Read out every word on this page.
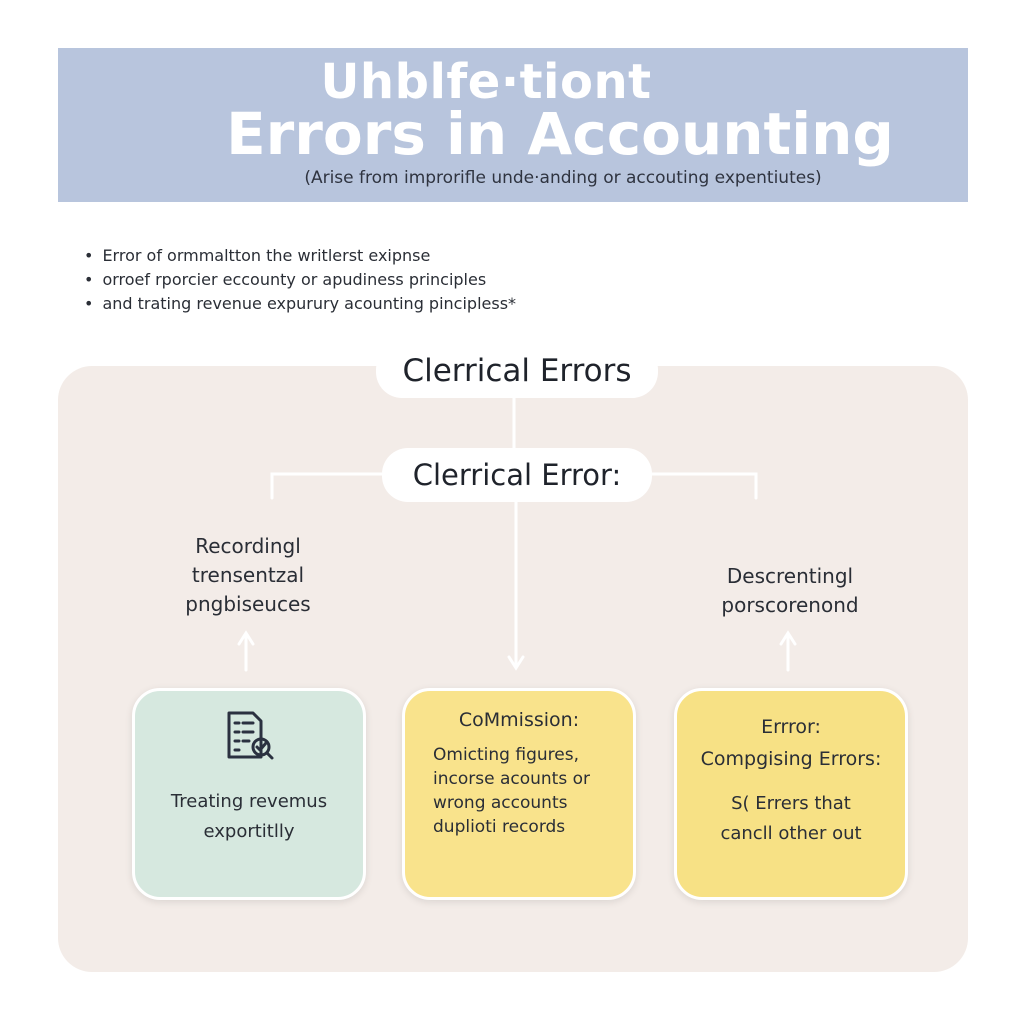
Uhblfe·tiont
Errors in Accounting
(Arise from improrifle unde·anding or accouting expentiutes)
• Error of ormmaltton the writlerst exipnse
• orroef rporcier eccounty or apudiness principles
• and trating revenue expurury acounting pincipless*
Clerrical Errors
Clerrical Error:
Recordingl
trensentzal
pngbiseuces
Descrentingl
porscorenond
Treating revemus
exportitlly
CoMmission:
Omicting figures,
incorse acounts or
wrong accounts
duplioti records
Errror:
Compgising Errors:
S( Errers that
cancll other out
